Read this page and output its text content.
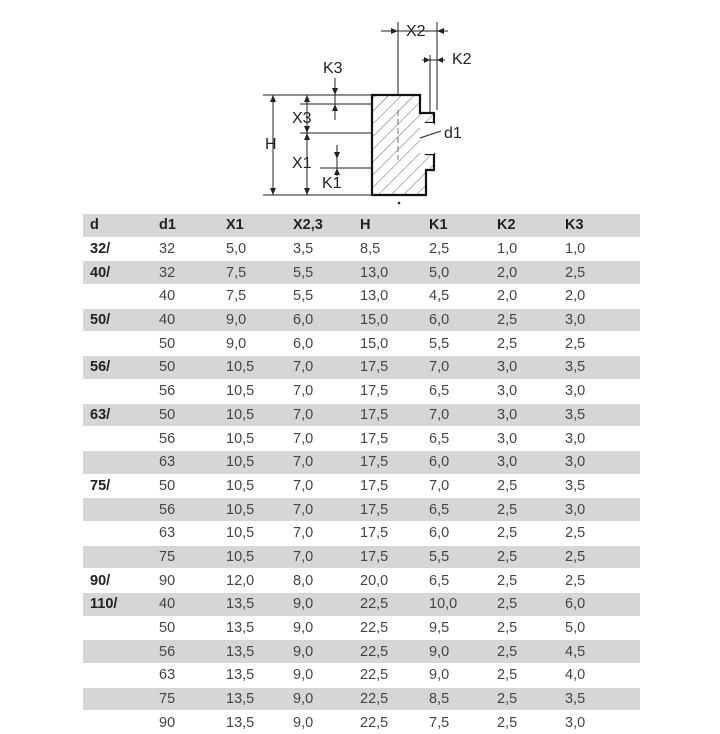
X2
K2
K3
X3
H
X1
K1
d1
d	d1	X1	X2,3	H	K1	K2	K3
32/	32	5,0	3,5	8,5	2,5	1,0	1,0
40/	32	7,5	5,5	13,0	5,0	2,0	2,5
	40	7,5	5,5	13,0	4,5	2,0	2,0
50/	40	9,0	6,0	15,0	6,0	2,5	3,0
	50	9,0	6,0	15,0	5,5	2,5	2,5
56/	50	10,5	7,0	17,5	7,0	3,0	3,5
	56	10,5	7,0	17,5	6,5	3,0	3,0
63/	50	10,5	7,0	17,5	7,0	3,0	3,5
	56	10,5	7,0	17,5	6,5	3,0	3,0
	63	10,5	7,0	17,5	6,0	3,0	3,0
75/	50	10,5	7,0	17,5	7,0	2,5	3,5
	56	10,5	7,0	17,5	6,5	2,5	3,0
	63	10,5	7,0	17,5	6,0	2,5	2,5
	75	10,5	7,0	17,5	5,5	2,5	2,5
90/	90	12,0	8,0	20,0	6,5	2,5	2,5
110/	40	13,5	9,0	22,5	10,0	2,5	6,0
	50	13,5	9,0	22,5	9,5	2,5	5,0
	56	13,5	9,0	22,5	9,0	2,5	4,5
	63	13,5	9,0	22,5	9,0	2,5	4,0
	75	13,5	9,0	22,5	8,5	2,5	3,5
	90	13,5	9,0	22,5	7,5	2,5	3,0
